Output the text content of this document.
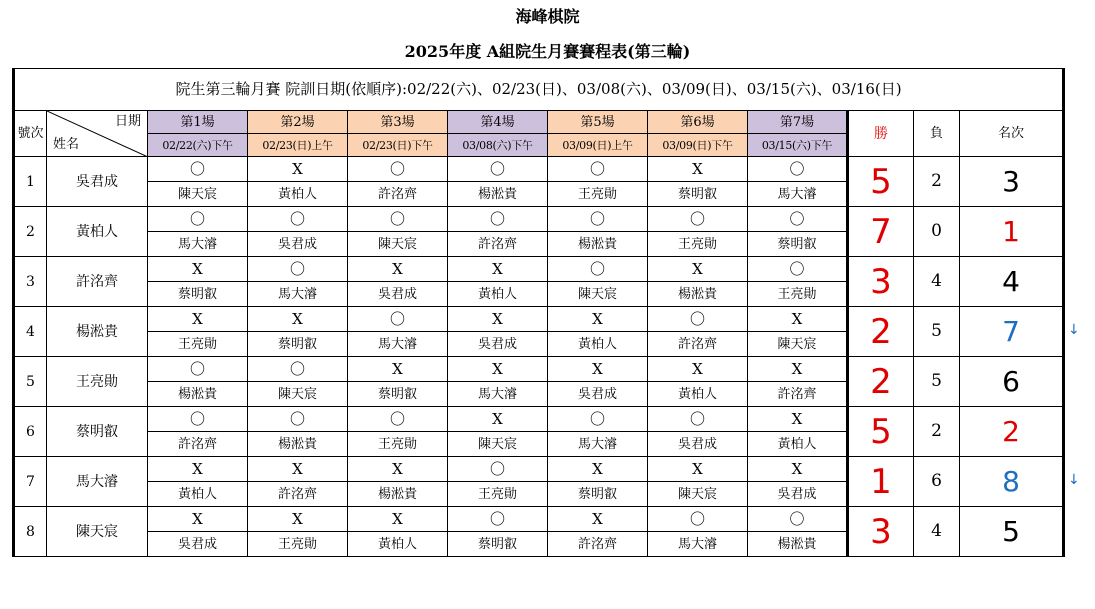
海峰棋院
2025年度 A組院生月賽賽程表(第三輪)
院生第三輪月賽 院訓日期(依順序):02/22(六)、02/23(日)、03/08(六)、03/09(日)、03/15(六)、03/16(日)											
號次	日期
姓名	第1場	第2場	第3場	第4場	第5場	第6場	第7場	勝	負	名次
		02/22(六)下午	02/23(日)上午	02/23(日)下午	03/08(六)下午	03/09(日)上午	03/09(日)下午	03/15(六)下午			
1	吳君成	〇	X	〇	〇	〇	X	〇	5	2	3
		陳天宸	黃柏人	許洺齊	楊淞貴	王亮勛	蔡明叡	馬大濬			
2	黃柏人	〇	〇	〇	〇	〇	〇	〇	7	0	1
		馬大濬	吳君成	陳天宸	許洺齊	楊淞貴	王亮勛	蔡明叡			
3	許洺齊	X	〇	X	X	〇	X	〇	3	4	4
		蔡明叡	馬大濬	吳君成	黃柏人	陳天宸	楊淞貴	王亮勛			
4	楊淞貴	X	X	〇	X	X	〇	X	2	5	7
		王亮勛	蔡明叡	馬大濬	吳君成	黃柏人	許洺齊	陳天宸			
5	王亮勛	〇	〇	X	X	X	X	X	2	5	6
		楊淞貴	陳天宸	蔡明叡	馬大濬	吳君成	黃柏人	許洺齊			
6	蔡明叡	〇	〇	〇	X	〇	〇	X	5	2	2
		許洺齊	楊淞貴	王亮勛	陳天宸	馬大濬	吳君成	黃柏人			
7	馬大濬	X	X	X	〇	X	X	X	1	6	8
		黃柏人	許洺齊	楊淞貴	王亮勛	蔡明叡	陳天宸	吳君成			
8	陳天宸	X	X	X	〇	X	〇	〇	3	4	5
		吳君成	王亮勛	黃柏人	蔡明叡	許洺齊	馬大濬	楊淞貴			
↓
↓
